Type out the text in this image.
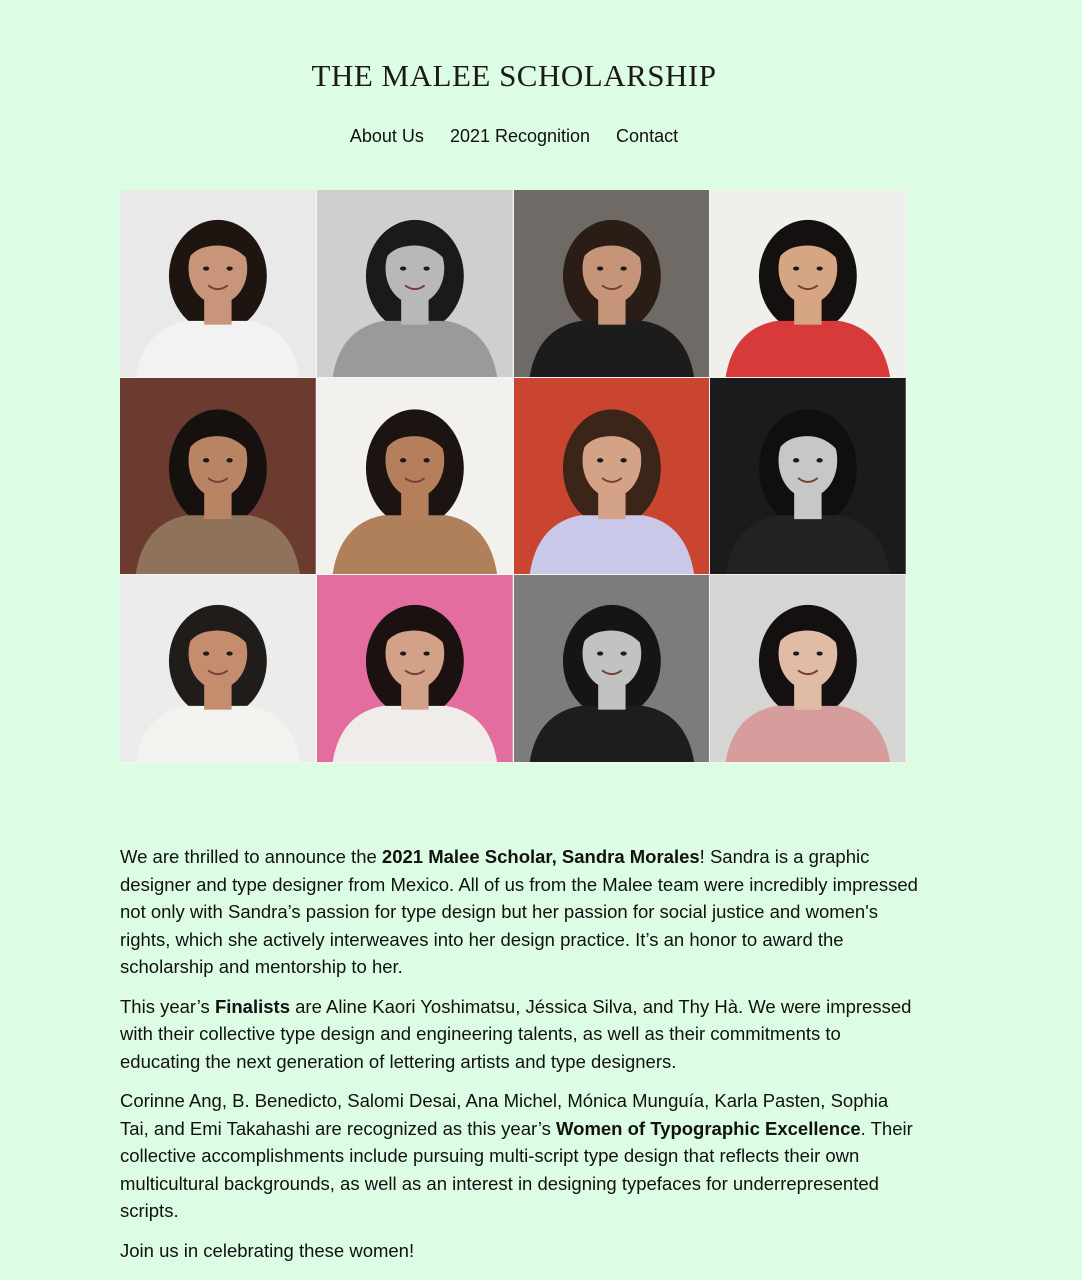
THE MALEE SCHOLARSHIP
About Us 2021 Recognition Contact

We are thrilled to announce the 2021 Malee Scholar, Sandra Morales! Sandra is a graphic designer and type designer from Mexico. All of us from the Malee team were incredibly impressed not only with Sandra’s passion for type design but her passion for social justice and women's rights, which she actively interweaves into her design practice. It’s an honor to award the scholarship and mentorship to her.

This year’s Finalists are Aline Kaori Yoshimatsu, Jéssica Silva, and Thy Hà. We were impressed with their collective type design and engineering talents, as well as their commitments to educating the next generation of lettering artists and type designers.

Corinne Ang, B. Benedicto, Salomi Desai, Ana Michel, Mónica Munguía, Karla Pasten, Sophia Tai, and Emi Takahashi are recognized as this year’s Women of Typographic Excellence. Their collective accomplishments include pursuing multi-script type design that reflects their own multicultural backgrounds, as well as an interest in designing typefaces for underrepresented scripts.

Join us in celebrating these women!
